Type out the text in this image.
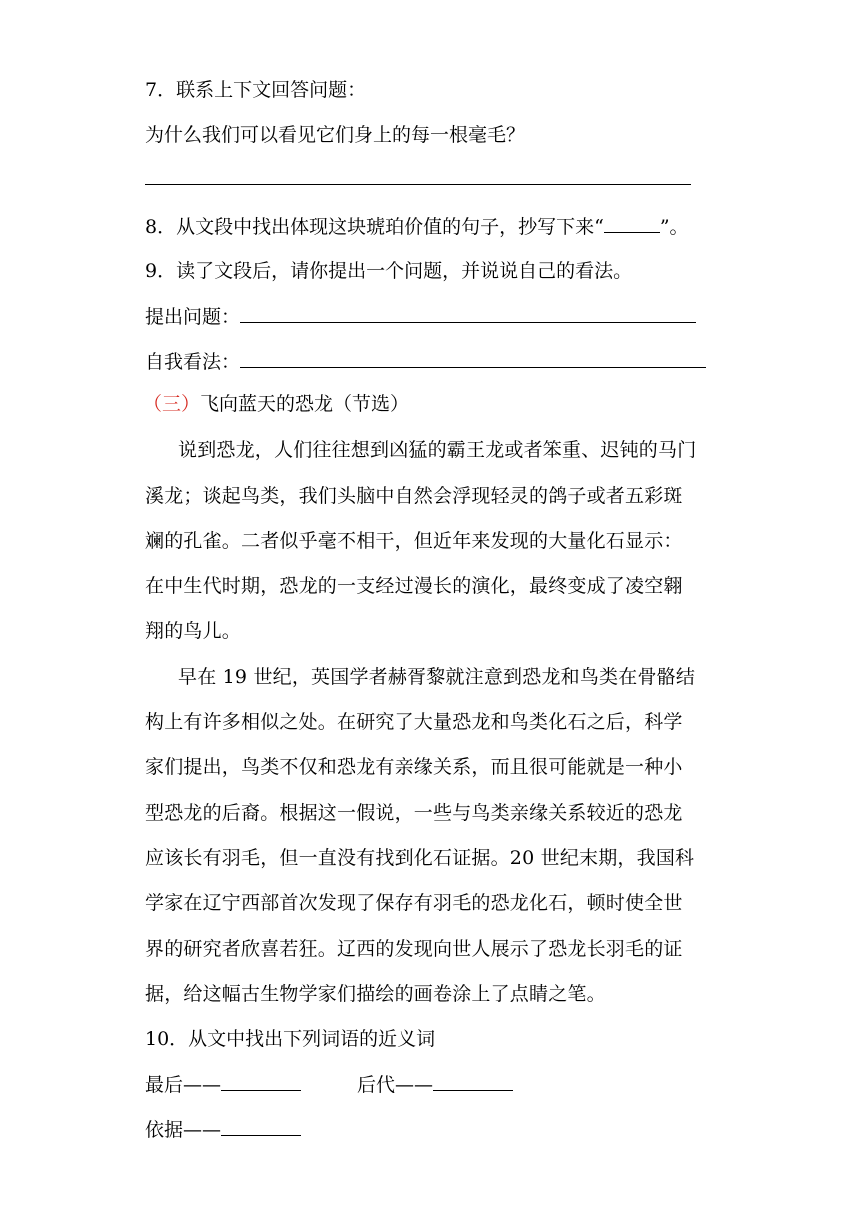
7．联系上下文回答问题：
为什么我们可以看见它们身上的每一根毫毛？
8．从文段中找出体现这块琥珀价值的句子，抄写下来“	”。
9．读了文段后，请你提出一个问题，并说说自己的看法。
提出问题：
自我看法：
（三）飞向蓝天的恐龙（节选）
说到恐龙，人们往往想到凶猛的霸王龙或者笨重、迟钝的马门
溪龙；谈起鸟类，我们头脑中自然会浮现轻灵的鸽子或者五彩斑
斓的孔雀。二者似乎毫不相干，但近年来发现的大量化石显示：
在中生代时期，恐龙的一支经过漫长的演化，最终变成了凌空翱
翔的鸟儿。
早在 19 世纪，英国学者赫胥黎就注意到恐龙和鸟类在骨骼结
构上有许多相似之处。在研究了大量恐龙和鸟类化石之后，科学
家们提出，鸟类不仅和恐龙有亲缘关系，而且很可能就是一种小
型恐龙的后裔。根据这一假说，一些与鸟类亲缘关系较近的恐龙
应该长有羽毛，但一直没有找到化石证据。20 世纪末期，我国科
学家在辽宁西部首次发现了保存有羽毛的恐龙化石，顿时使全世
界的研究者欣喜若狂。辽西的发现向世人展示了恐龙长羽毛的证
据，给这幅古生物学家们描绘的画卷涂上了点睛之笔。
10．从文中找出下列词语的近义词
最后——	后代——
依据——
